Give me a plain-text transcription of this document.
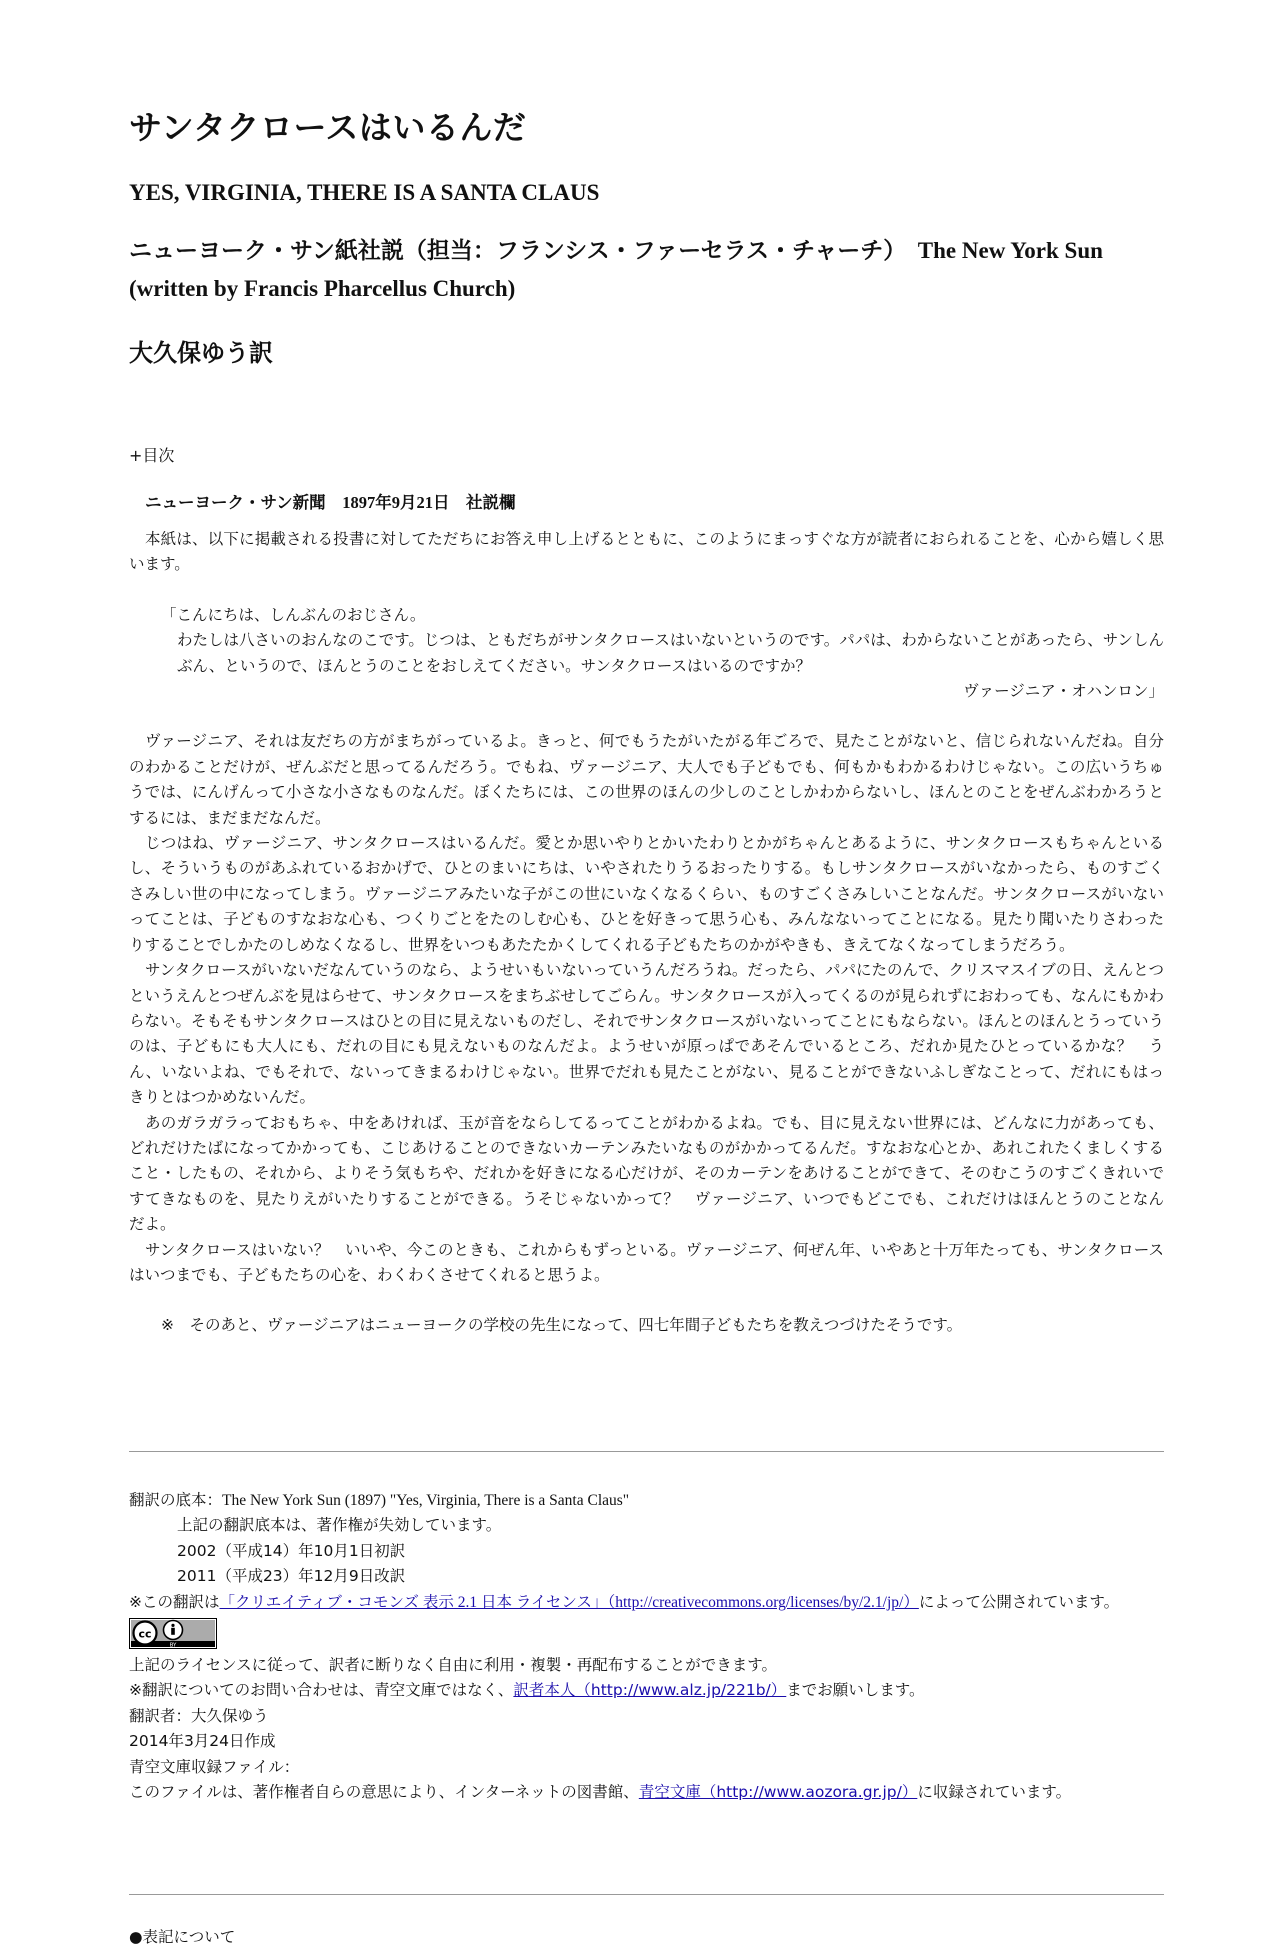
サンタクロースはいるんだ
YES, VIRGINIA, THERE IS A SANTA CLAUS
ニューヨーク・サン紙社説（担当：フランシス・ファーセラス・チャーチ）　 The New York Sun (written by Francis Pharcellus Church)
大久保ゆう訳
+目次
ニューヨーク・サン新聞　 1897年9月21日　 社説欄

本紙は、以下に掲載される投書に対してただちにお答え申し上げるとともに、このようにまっすぐな方が読者におられることを、心から嬉しく思います。

「こんにちは、しんぶんのおじさん。

わたしは八さいのおんなのこです。じつは、ともだちがサンタクロースはいないというのです。パパは、わからないことがあったら、サンしんぶん、というので、ほんとうのことをおしえてください。サンタクロースはいるのですか？

ヴァージニア・オハンロン」

ヴァージニア、それは友だちの方がまちがっているよ。きっと、何でもうたがいたがる年ごろで、見たことがないと、信じられないんだね。自分のわかることだけが、ぜんぶだと思ってるんだろう。でもね、ヴァージニア、大人でも子どもでも、何もかもわかるわけじゃない。この広いうちゅうでは、にんげんって小さな小さなものなんだ。ぼくたちには、この世界のほんの少しのことしかわからないし、ほんとのことをぜんぶわかろうとするには、まだまだなんだ。

じつはね、ヴァージニア、サンタクロースはいるんだ。愛とか思いやりとかいたわりとかがちゃんとあるように、サンタクロースもちゃんといるし、そういうものがあふれているおかげで、ひとのまいにちは、いやされたりうるおったりする。もしサンタクロースがいなかったら、ものすごくさみしい世の中になってしまう。ヴァージニアみたいな子がこの世にいなくなるくらい、ものすごくさみしいことなんだ。サンタクロースがいないってことは、子どものすなおな心も、つくりごとをたのしむ心も、ひとを好きって思う心も、みんなないってことになる。見たり聞いたりさわったりすることでしかたのしめなくなるし、世界をいつもあたたかくしてくれる子どもたちのかがやきも、きえてなくなってしまうだろう。

サンタクロースがいないだなんていうのなら、ようせいもいないっていうんだろうね。だったら、パパにたのんで、クリスマスイブの日、えんとつというえんとつぜんぶを見はらせて、サンタクロースをまちぶせしてごらん。サンタクロースが入ってくるのが見られずにおわっても、なんにもかわらない。そもそもサンタクロースはひとの目に見えないものだし、それでサンタクロースがいないってことにもならない。ほんとのほんとうっていうのは、子どもにも大人にも、だれの目にも見えないものなんだよ。ようせいが原っぱであそんでいるところ、だれか見たひとっているかな？　うん、いないよね、でもそれで、ないってきまるわけじゃない。世界でだれも見たことがない、見ることができないふしぎなことって、だれにもはっきりとはつかめないんだ。

あのガラガラっておもちゃ、中をあければ、玉が音をならしてるってことがわかるよね。でも、目に見えない世界には、どんなに力があっても、どれだけたばになってかかっても、こじあけることのできないカーテンみたいなものがかかってるんだ。すなおな心とか、あれこれたくましくすること・したもの、それから、よりそう気もちや、だれかを好きになる心だけが、そのカーテンをあけることができて、そのむこうのすごくきれいですてきなものを、見たりえがいたりすることができる。うそじゃないかって？　ヴァージニア、いつでもどこでも、これだけはほんとうのことなんだよ。

サンタクロースはいない？　いいや、今このときも、これからもずっといる。ヴァージニア、何ぜん年、いやあと十万年たっても、サンタクロースはいつまでも、子どもたちの心を、わくわくさせてくれると思うよ。

※　そのあと、ヴァージニアはニューヨークの学校の先生になって、四七年間子どもたちを教えつづけたそうです。

翻訳の底本：The New York Sun (1897) "Yes, Virginia, There is a Santa Claus"

上記の翻訳底本は、著作権が失効しています。

2002（平成14）年10月1日初訳

2011（平成23）年12月9日改訳

※この翻訳は「クリエイティブ・コモンズ 表示 2.1 日本 ライセンス」（http://creativecommons.org/licenses/by/2.1/jp/）によって公開されています。

cc
BY

上記のライセンスに従って、訳者に断りなく自由に利用・複製・再配布することができます。

※翻訳についてのお問い合わせは、青空文庫ではなく、訳者本人（http://www.alz.jp/221b/）までお願いします。

翻訳者：大久保ゆう

2014年3月24日作成

青空文庫収録ファイル：

このファイルは、著作権者自らの意思により、インターネットの図書館、青空文庫（http://www.aozora.gr.jp/）に収録されています。

●表記について
